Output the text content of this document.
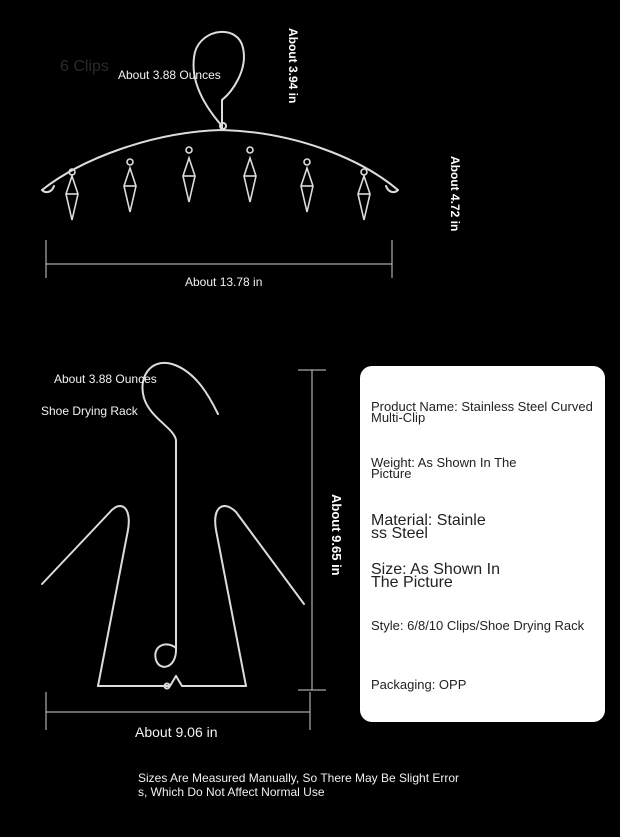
6 Clips About 3.88 Ounces	About 3.94 in
About 4.72 in
About 13.78 in
About 3.88 Ounces
Shoe Drying Rack
About 9.65 in
About 9.06 in
Product Name: Stainless Steel Curved Multi-Clip
Weight: As Shown In The Picture
Material: Stainless Steel
Size: As Shown In The Picture
Style: 6/8/10 Clips/Shoe Drying Rack
Packaging: OPP
Sizes Are Measured Manually, So There May Be Slight Errors, Which Do Not Affect Normal Use
